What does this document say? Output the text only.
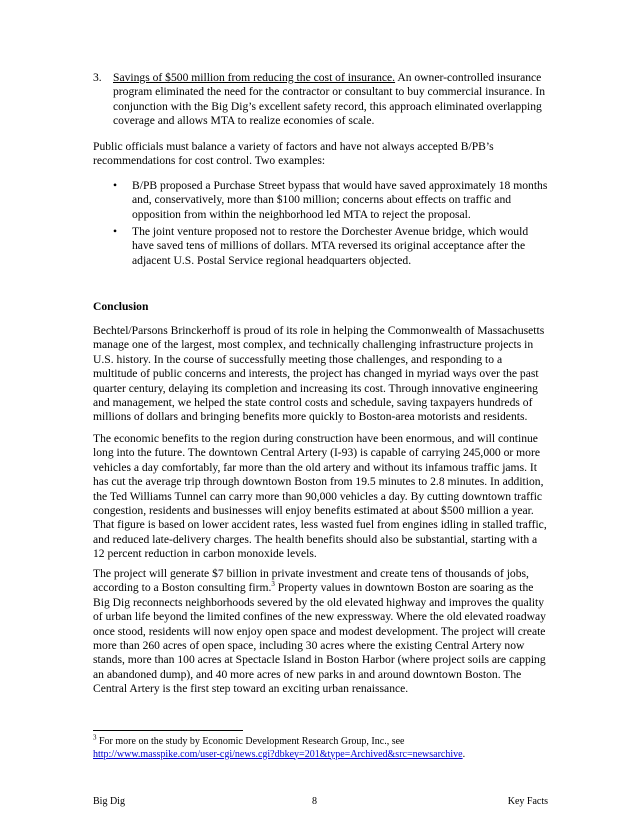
3. Savings of $500 million from reducing the cost of insurance. An owner-controlled insurance program eliminated the need for the contractor or consultant to buy commercial insurance. In conjunction with the Big Dig’s excellent safety record, this approach eliminated overlapping coverage and allows MTA to realize economies of scale.
Public officials must balance a variety of factors and have not always accepted B/PB’s recommendations for cost control. Two examples:
• B/PB proposed a Purchase Street bypass that would have saved approximately 18 months and, conservatively, more than $100 million; concerns about effects on traffic and opposition from within the neighborhood led MTA to reject the proposal.
• The joint venture proposed not to restore the Dorchester Avenue bridge, which would have saved tens of millions of dollars. MTA reversed its original acceptance after the adjacent U.S. Postal Service regional headquarters objected.
Conclusion
Bechtel/Parsons Brinckerhoff is proud of its role in helping the Commonwealth of Massachusetts manage one of the largest, most complex, and technically challenging infrastructure projects in U.S. history. In the course of successfully meeting those challenges, and responding to a multitude of public concerns and interests, the project has changed in myriad ways over the past quarter century, delaying its completion and increasing its cost. Through innovative engineering and management, we helped the state control costs and schedule, saving taxpayers hundreds of millions of dollars and bringing benefits more quickly to Boston-area motorists and residents.
The economic benefits to the region during construction have been enormous, and will continue long into the future. The downtown Central Artery (I-93) is capable of carrying 245,000 or more vehicles a day comfortably, far more than the old artery and without its infamous traffic jams. It has cut the average trip through downtown Boston from 19.5 minutes to 2.8 minutes. In addition, the Ted Williams Tunnel can carry more than 90,000 vehicles a day. By cutting downtown traffic congestion, residents and businesses will enjoy benefits estimated at about $500 million a year. That figure is based on lower accident rates, less wasted fuel from engines idling in stalled traffic, and reduced late-delivery charges. The health benefits should also be substantial, starting with a 12 percent reduction in carbon monoxide levels.
The project will generate $7 billion in private investment and create tens of thousands of jobs, according to a Boston consulting firm.$^3$ Property values in downtown Boston are soaring as the Big Dig reconnects neighborhoods severed by the old elevated highway and improves the quality of urban life beyond the limited confines of the new expressway. Where the old elevated roadway once stood, residents will now enjoy open space and modest development. The project will create more than 260 acres of open space, including 30 acres where the existing Central Artery now stands, more than 100 acres at Spectacle Island in Boston Harbor (where project soils are capping an abandoned dump), and 40 more acres of new parks in and around downtown Boston. The Central Artery is the first step toward an exciting urban renaissance.
$^3$ For more on the study by Economic Development Research Group, Inc., see
http://www.masspike.com/user-cgi/news.cgi?dbkey=201&type=Archived&src=newsarchive.
Big Dig	8	Key Facts
